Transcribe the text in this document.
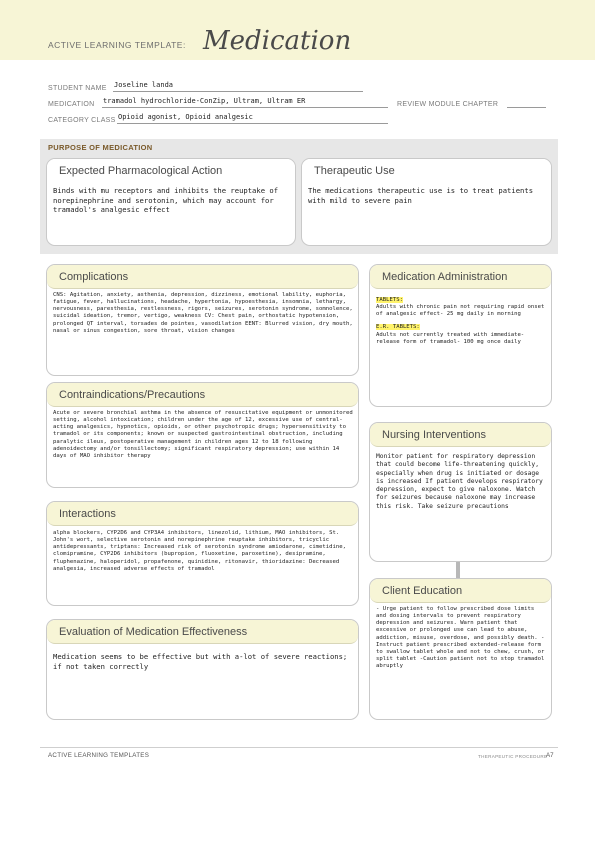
ACTIVE LEARNING TEMPLATE: Medication
STUDENT NAME Joseline landa
MEDICATION tramadol hydrochloride-ConZip, Ultram, Ultram ER	REVIEW MODULE CHAPTER
CATEGORY CLASS Opioid agonist, Opioid analgesic
PURPOSE OF MEDICATION
Expected Pharmacological Action
Binds with mu receptors and inhibits the reuptake of norepinephrine and serotonin, which may account for tramadol's analgesic effect
Therapeutic Use
The medications therapeutic use is to treat patients with mild to severe pain
Complications
CNS: Agitation, anxiety, asthenia, depression, dizziness, emotional lability, euphoria, fatigue, fever, hallucinations, headache, hypertonia, hypoesthesia, insomnia, lethargy, nervousness, paresthesia, restlessness, rigors, seizures, serotonin syndrome, somnolence, suicidal ideation, tremor, vertigo, weakness CV: Chest pain, orthostatic hypotension, prolonged QT interval, torsades de pointes, vasodilation EENT: Blurred vision, dry mouth, nasal or sinus congestion, sore throat, vision changes
Medication Administration
TABLETS:
Adults with chronic pain not requiring rapid onset of analgesic effect- 25 mg daily in morning
E.R. TABLETS:
Adults not currently treated with immediate-release form of tramadol- 100 mg once daily
Contraindications/Precautions
Acute or severe bronchial asthma in the absence of resuscitative equipment or unmonitored setting, alcohol intoxication; children under the age of 12, excessive use of central-acting analgesics, hypnotics, opioids, or other psychotropic drugs; hypersensitivity to tramadol or its components; known or suspected gastrointestinal obstruction, including paralytic ileus, postoperative management in children ages 12 to 18 following adenoidectomy and/or tonsillectomy; significant respiratory depression; use within 14 days of MAO inhibitor therapy
Nursing Interventions
Monitor patient for respiratory depression that could become life-threatening quickly, especially when drug is initiated or dosage is increased If patient develops respiratory depression, expect to give naloxone. Watch for seizures because naloxone may increase this risk. Take seizure precautions
Interactions
alpha blockers, CYP2D6 and CYP3A4 inhibitors, linezolid, lithium, MAO inhibitors, St. John's wort, selective serotonin and norepinephrine reuptake inhibitors, tricyclic antidepressants, triptans: Increased risk of serotonin syndrome amiodarone, cimetidine, clomipramine, CYP2D6 inhibitors (bupropion, fluoxetine, paroxetine), desipramine, fluphenazine, haloperidol, propafenone, quinidine, ritonavir, thioridazine: Decreased analgesia, increased adverse effects of tramadol
Client Education
- Urge patient to follow prescribed dose limits and dosing intervals to prevent respiratory depression and seizures. Warn patient that excessive or prolonged use can lead to abuse, addiction, misuse, overdose, and possibly death. - Instruct patient prescribed extended-release form to swallow tablet whole and not to chew, crush, or split tablet -Caution patient not to stop tramadol abruptly
Evaluation of Medication Effectiveness
Medication seems to be effective but with a-lot of severe reactions; if not taken correctly
ACTIVE LEARNING TEMPLATES	THERAPEUTIC PROCEDURE
A7
